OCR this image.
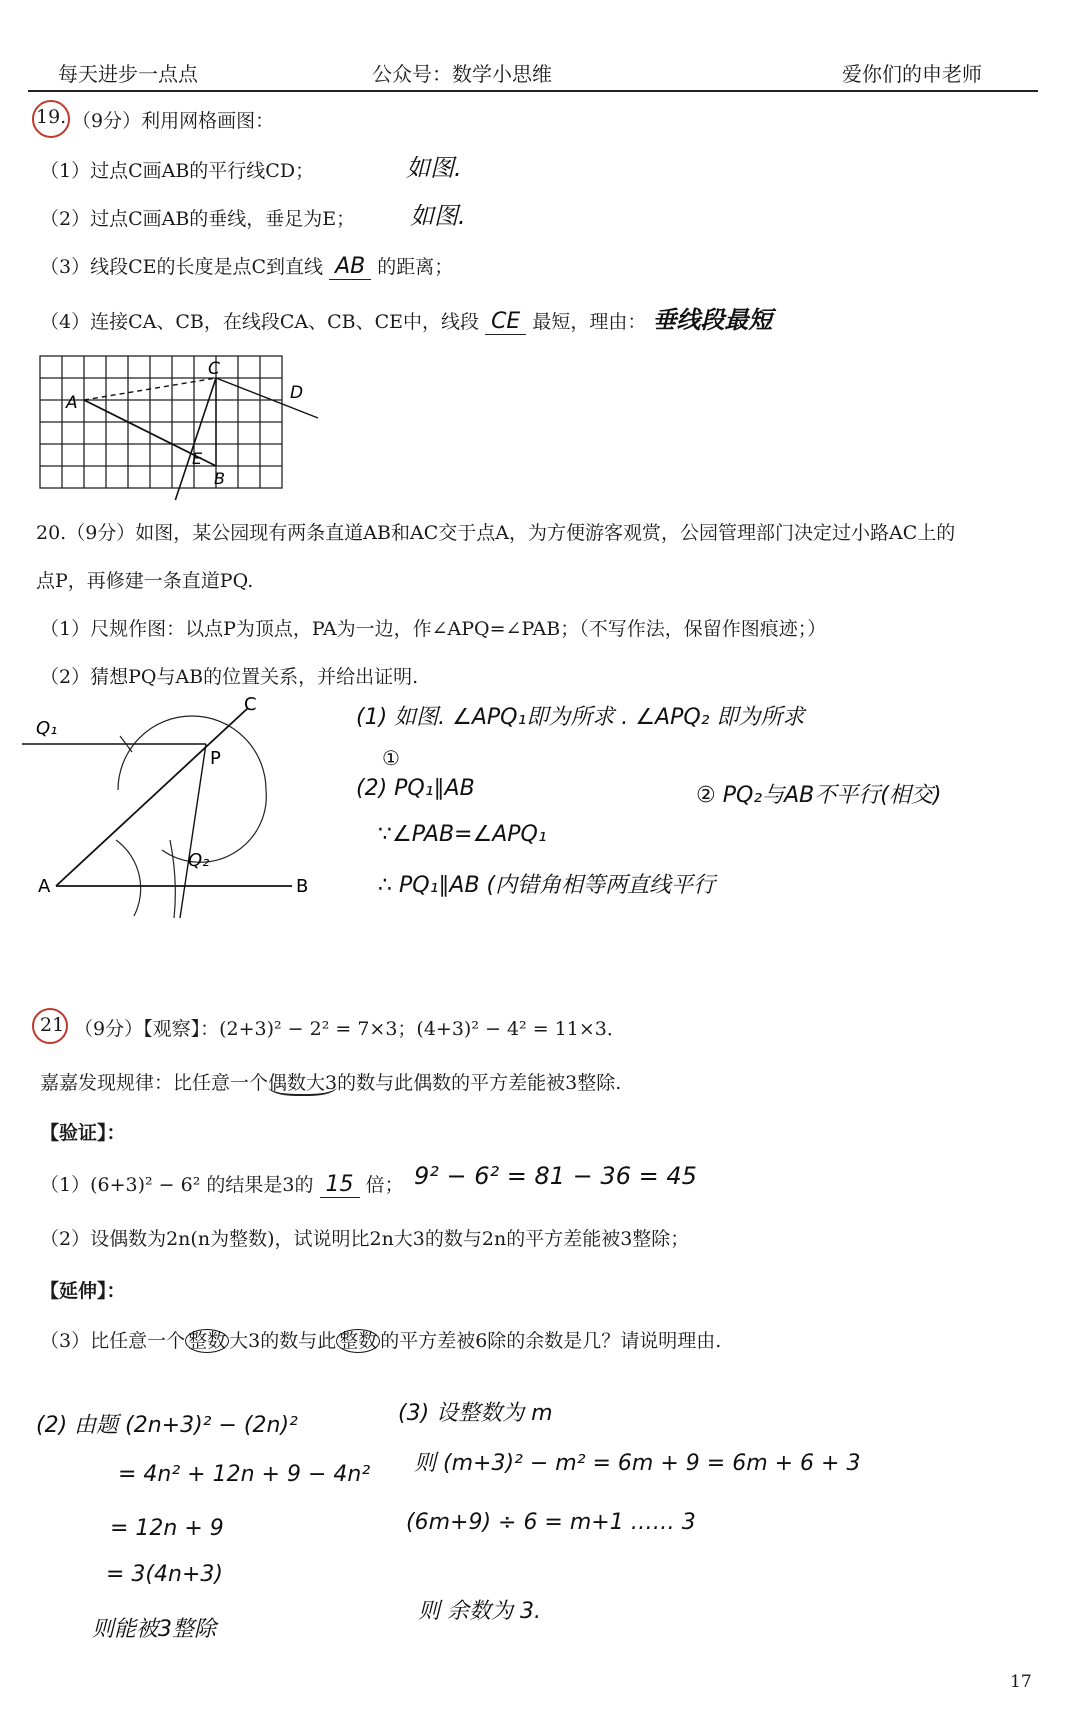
每天进步一点点	公众号：数学小思维	爱你们的申老师
19. （9分）利用网格画图：
（1）过点C画AB的平行线CD；	如图.
（2）过点C画AB的垂线，垂足为E； 如图.
（3）线段CE的长度是点C到直线 AB 的距离；
（4）连接CA、CB，在线段CA、CB、CE中，线段 CE 最短，理由： 垂线段最短
A
C
D
E
B
20.（9分）如图，某公园现有两条直道AB和AC交于点A，为方便游客观赏，公园管理部门决定过小路AC上的
点P，再修建一条直道PQ.
（1）尺规作图：以点P为顶点，PA为一边，作∠APQ=∠PAB；（不写作法，保留作图痕迹；）
（2）猜想PQ与AB的位置关系，并给出证明.
C
Q₁
P
Q₂
A	B
(1) 如图. ∠APQ₁即为所求 . ∠APQ₂ 即为所求
①
(2) PQ₁∥AB
∵∠PAB=∠APQ₁
∴ PQ₁∥AB (内错角相等两直线平行
② PQ₂与AB不平行(相交)
21 （9分）【观察】：(2+3)² − 2² = 7×3；(4+3)² − 4² = 11×3．
嘉嘉发现规律：比任意一个偶数大3的数与此偶数的平方差能被3整除.
【验证】：
（1）(6+3)² − 6² 的结果是3的 15 倍； 9² − 6² = 81 − 36 = 45
（2）设偶数为2n(n为整数)，试说明比2n大3的数与2n的平方差能被3整除；
【延伸】：
（3）比任意一个 整数 大3的数与此 整数 的平方差被6除的余数是几？请说明理由.
(2) 由题 (2n+3)² − (2n)²
= 4n² + 12n + 9 − 4n²
= 12n + 9
= 3(4n+3)
则能被3整除
(3) 设整数为 m
则 (m+3)² − m² = 6m + 9 = 6m + 6 + 3
(6m+9) ÷ 6 = m+1 …… 3
则 余数为 3.
17
